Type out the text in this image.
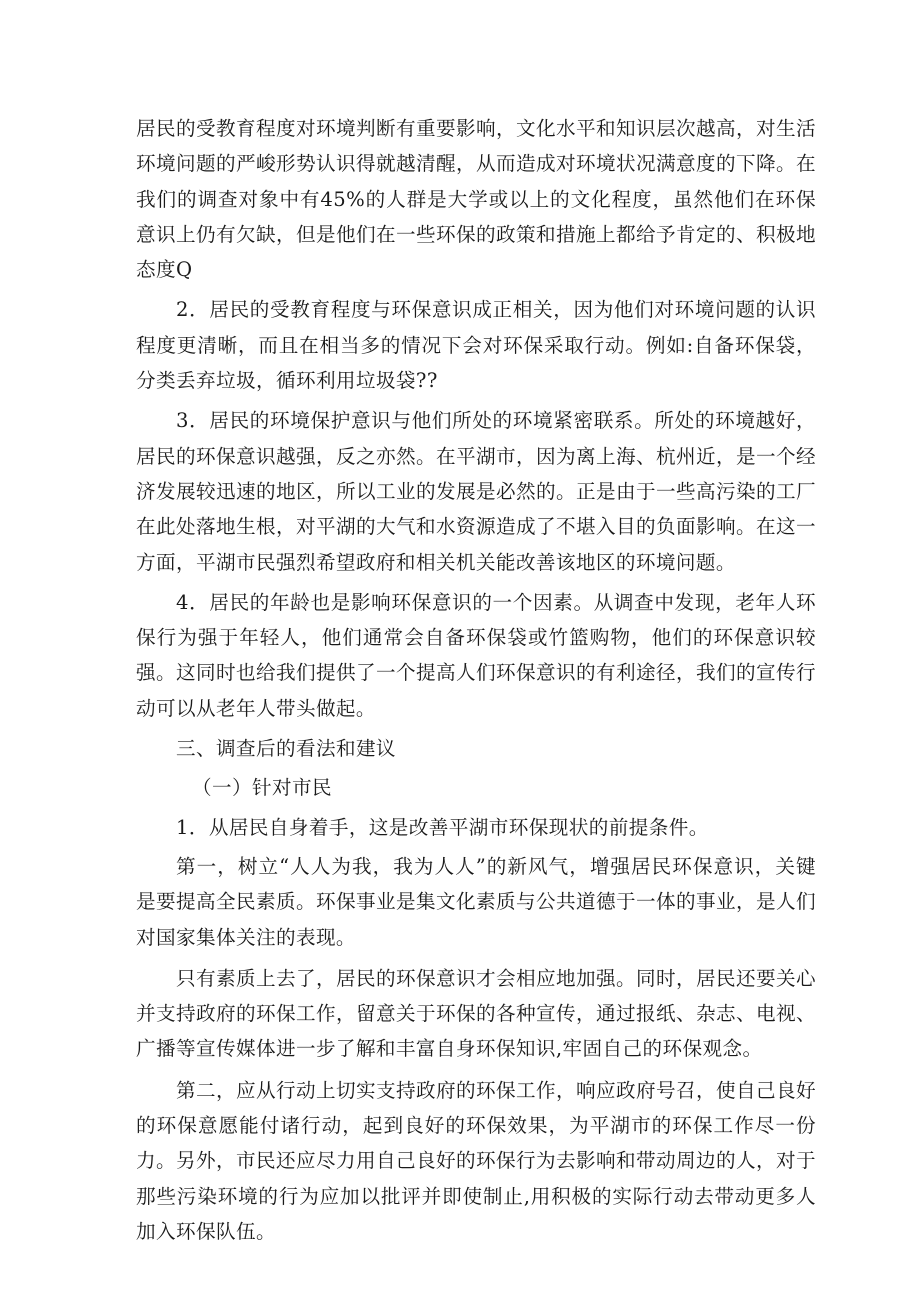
居民的受教育程度对环境判断有重要影响，文化水平和知识层次越高，对生活环境问题的严峻形势认识得就越清醒，从而造成对环境状况满意度的下降。在我们的调查对象中有45%的人群是大学或以上的文化程度，虽然他们在环保意识上仍有欠缺，但是他们在一些环保的政策和措施上都给予肯定的、积极地态度Q

2．居民的受教育程度与环保意识成正相关，因为他们对环境问题的认识程度更清晰，而且在相当多的情况下会对环保采取行动。例如:自备环保袋，分类丢弃垃圾，循环利用垃圾袋??

3．居民的环境保护意识与他们所处的环境紧密联系。所处的环境越好，居民的环保意识越强，反之亦然。在平湖市，因为离上海、杭州近，是一个经济发展较迅速的地区，所以工业的发展是必然的。正是由于一些高污染的工厂在此处落地生根，对平湖的大气和水资源造成了不堪入目的负面影响。在这一方面，平湖市民强烈希望政府和相关机关能改善该地区的环境问题。

4．居民的年龄也是影响环保意识的一个因素。从调查中发现，老年人环保行为强于年轻人，他们通常会自备环保袋或竹篮购物，他们的环保意识较强。这同时也给我们提供了一个提高人们环保意识的有利途径，我们的宣传行动可以从老年人带头做起。

三、调查后的看法和建议

（一）针对市民

1．从居民自身着手，这是改善平湖市环保现状的前提条件。

第一，树立“人人为我，我为人人”的新风气，增强居民环保意识，关键是要提高全民素质。环保事业是集文化素质与公共道德于一体的事业，是人们对国家集体关注的表现。

只有素质上去了，居民的环保意识才会相应地加强。同时，居民还要关心并支持政府的环保工作，留意关于环保的各种宣传，通过报纸、杂志、电视、广播等宣传媒体进一步了解和丰富自身环保知识,牢固自己的环保观念。

第二，应从行动上切实支持政府的环保工作，响应政府号召，使自己良好的环保意愿能付诸行动，起到良好的环保效果，为平湖市的环保工作尽一份力。另外，市民还应尽力用自己良好的环保行为去影响和带动周边的人，对于那些污染环境的行为应加以批评并即使制止,用积极的实际行动去带动更多人加入环保队伍。
